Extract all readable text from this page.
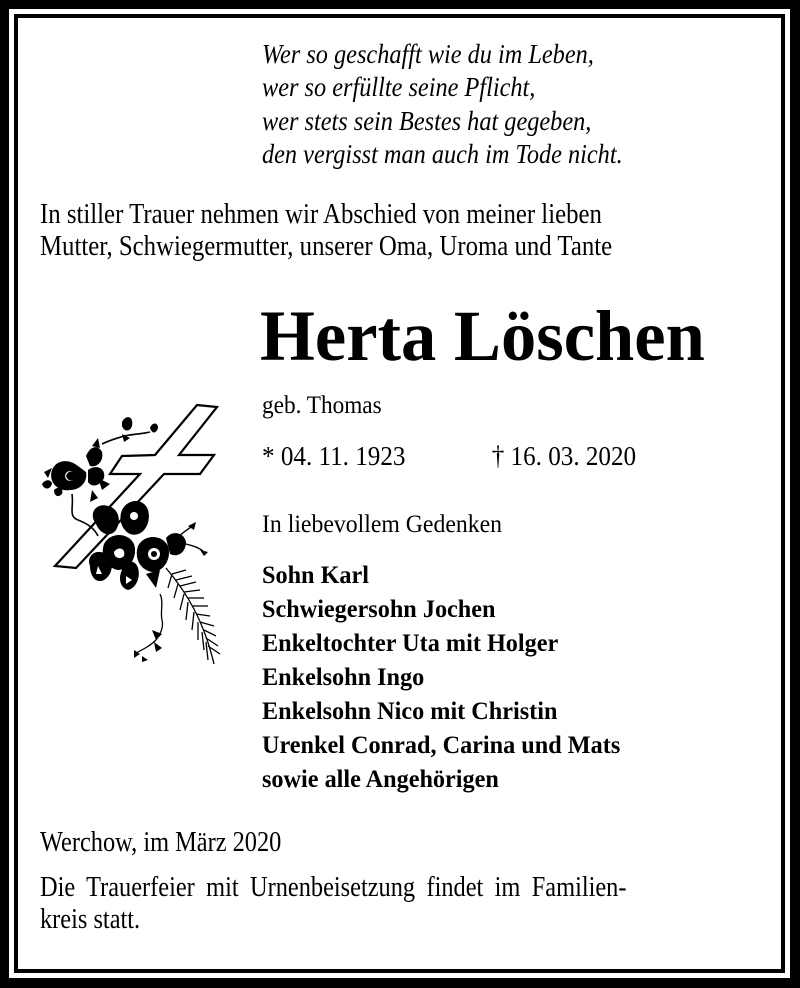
Wer so geschafft wie du im Leben,
wer so erfüllte seine Pflicht,
wer stets sein Bestes hat gegeben,
den vergisst man auch im Tode nicht.
In stiller Trauer nehmen wir Abschied von meiner lieben
Mutter, Schwiegermutter, unserer Oma, Uroma und Tante
Herta Löschen
geb. Thomas
* 04. 11. 1923	† 16. 03. 2020
In liebevollem Gedenken
Sohn Karl
Schwiegersohn Jochen
Enkeltochter Uta mit Holger
Enkelsohn Ingo
Enkelsohn Nico mit Christin
Urenkel Conrad, Carina und Mats
sowie alle Angehörigen
Werchow, im März 2020
Die Trauerfeier mit Urnenbeisetzung findet im Familien-
kreis statt.
